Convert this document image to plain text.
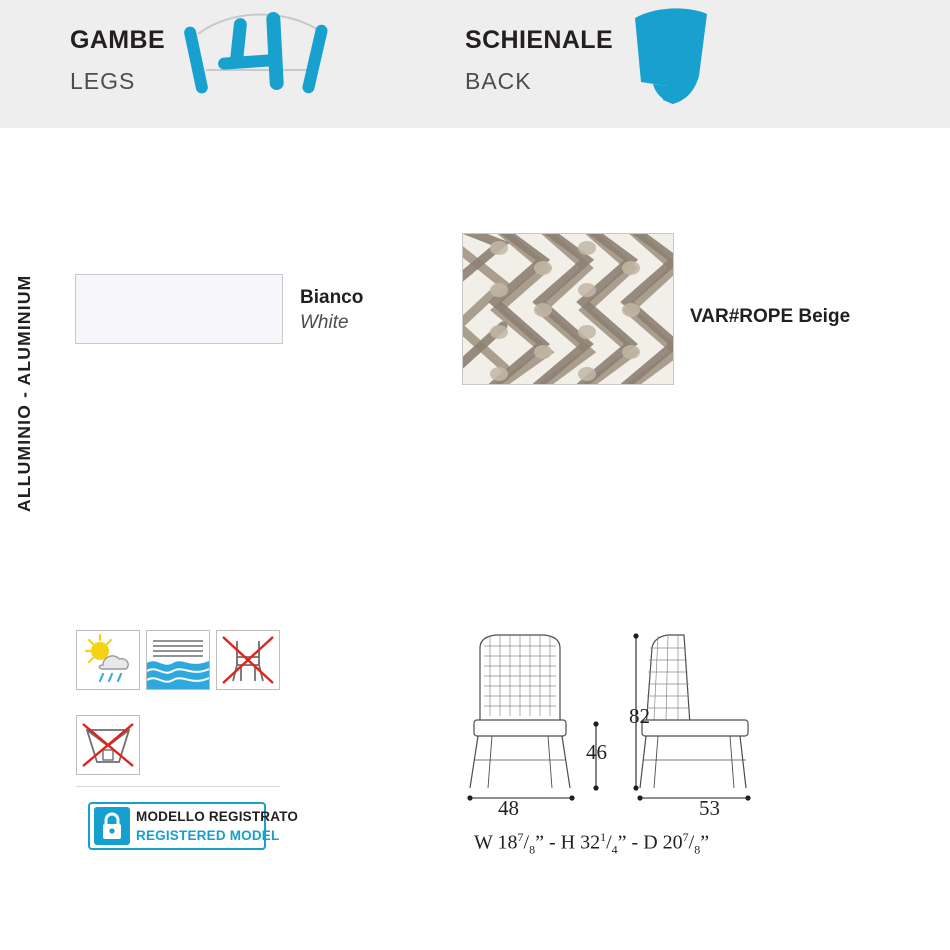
GAMBE
LEGS
SCHIENALE
BACK
ALLUMINIO - ALUMINIUM	Bianco
White	VAR#ROPE Beige
MODELLO REGISTRATO
REGISTERED MODEL
48	53
46
82
W $18^7/_8$” - H $32^1/_4$” - D $20^7/_8$”
